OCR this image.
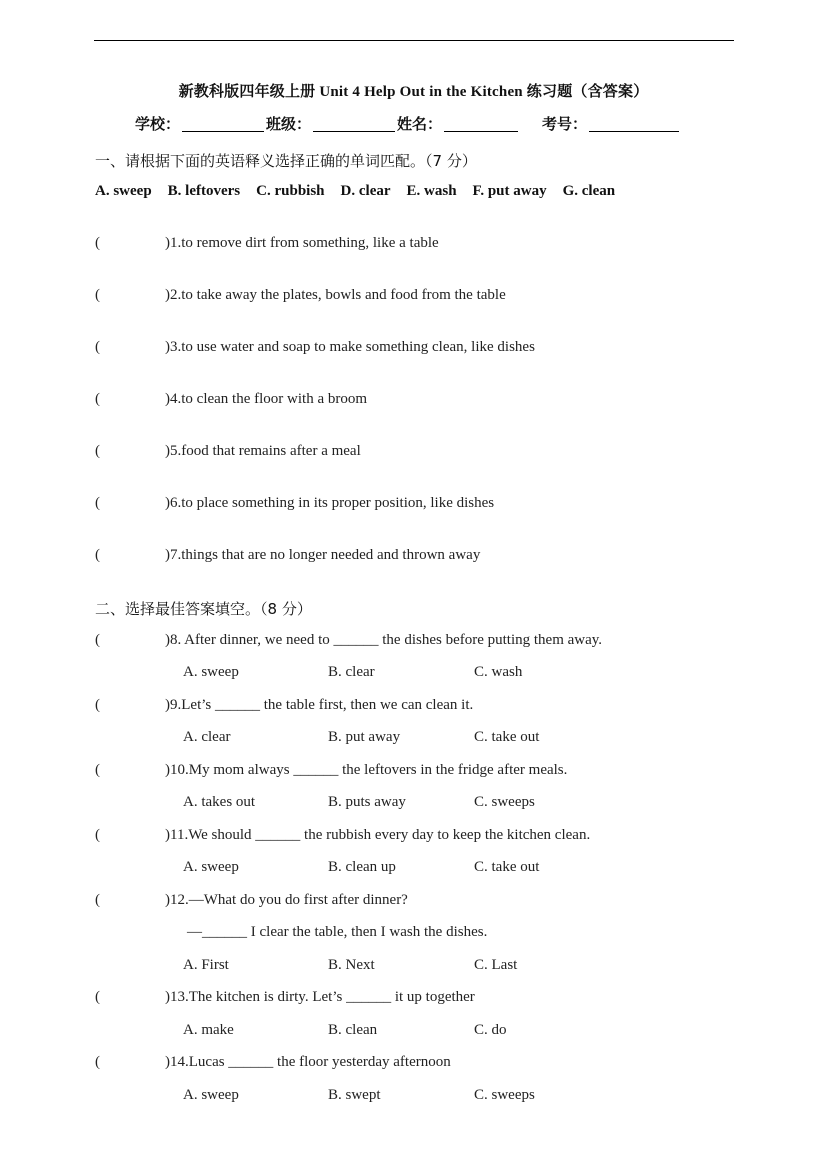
新教科版四年级上册 Unit 4 Help Out in the Kitchen 练习题（含答案）
学校：	班级：	姓名：	考号：
一、请根据下面的英语释义选择正确的单词匹配。（7 分）
A. sweep B. leftovers C. rubbish D. clear E. wash F. put away G. clean
(	)1.to remove dirt from something, like a table
(	)2.to take away the plates, bowls and food from the table
(	)3.to use water and soap to make something clean, like dishes
(	)4.to clean the floor with a broom
(	)5.food that remains after a meal
(	)6.to place something in its proper position, like dishes
(	)7.things that are no longer needed and thrown away
二、选择最佳答案填空。（8 分）
(	)8. After dinner, we need to ______ the dishes before putting them away.
A. sweep	B. clear	C. wash
(	)9.Let’s ______ the table first, then we can clean it.
A. clear	B. put away	C. take out
(	)10.My mom always ______ the leftovers in the fridge after meals.
A. takes out	B. puts away	C. sweeps
(	)11.We should ______ the rubbish every day to keep the kitchen clean.
A. sweep	B. clean up	C. take out
(	)12.—What do you do first after dinner?
—______ I clear the table, then I wash the dishes.
A. First	B. Next	C. Last
(	)13.The kitchen is dirty. Let’s ______ it up together
A. make	B. clean	C. do
(	)14.Lucas ______ the floor yesterday afternoon
A. sweep	B. swept	C. sweeps
